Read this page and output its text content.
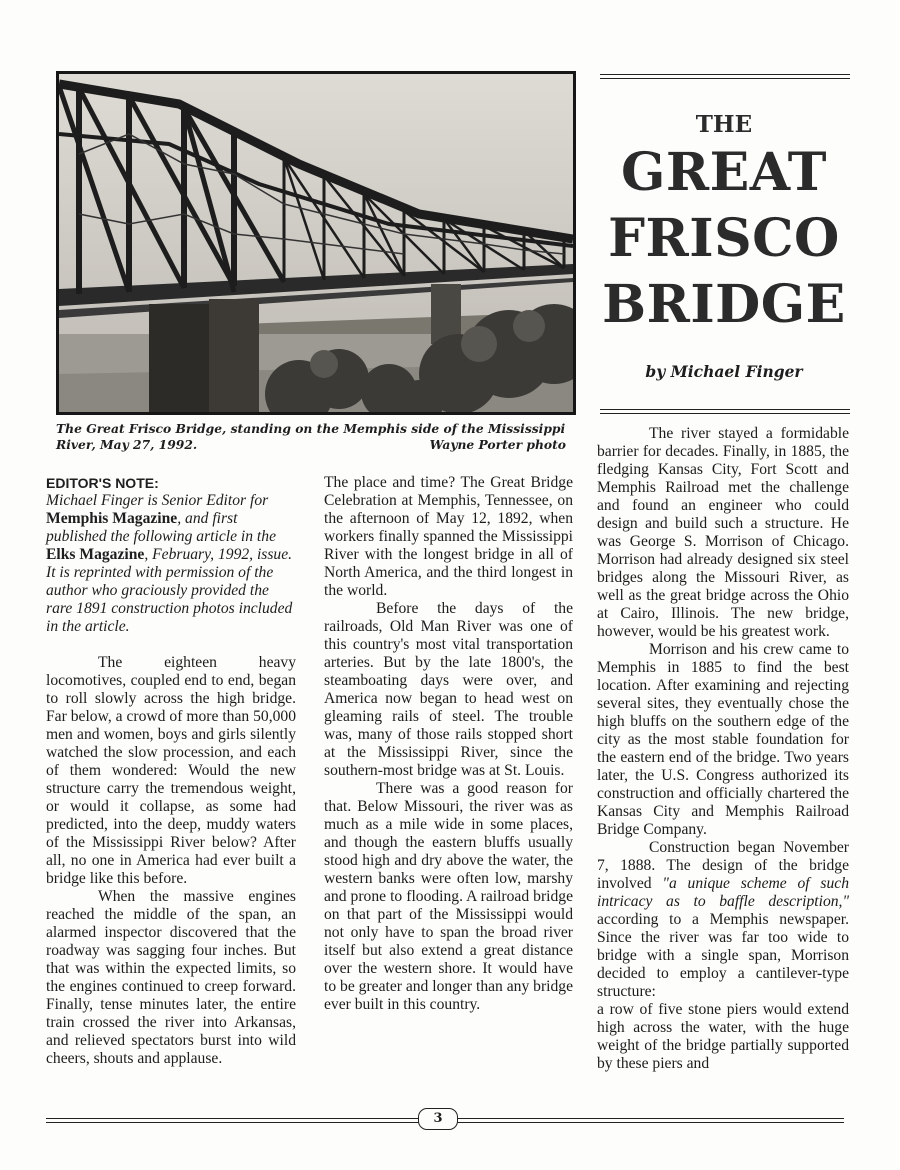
The Great Frisco Bridge, standing on the Memphis side of the Mississippi River, May 27, 1992.	Wayne Porter photo
THE
GREAT
FRISCO
BRIDGE
by Michael Finger
EDITOR'S NOTE:
Michael Finger is Senior Editor for Memphis Magazine, and first published the following article in the Elks Magazine, February, 1992, issue. It is reprinted with permission of the author who graciously provided the rare 1891 construction photos included in the article.

The eighteen heavy locomotives, coupled end to end, began to roll slowly across the high bridge. Far below, a crowd of more than 50,000 men and women, boys and girls silently watched the slow procession, and each of them wondered: Would the new structure carry the tremendous weight, or would it collapse, as some had predicted, into the deep, muddy waters of the Mississippi River below? After all, no one in America had ever built a bridge like this before.

When the massive engines reached the middle of the span, an alarmed inspector discovered that the roadway was sagging four inches. But that was within the expected limits, so the engines continued to creep forward. Finally, tense minutes later, the entire train crossed the river into Arkansas, and relieved spectators burst into wild cheers, shouts and applause.

The place and time? The Great Bridge Celebration at Memphis, Tennessee, on the afternoon of May 12, 1892, when workers finally spanned the Mississippi River with the longest bridge in all of North America, and the third longest in the world.

Before the days of the railroads, Old Man River was one of this country's most vital transportation arteries. But by the late 1800's, the steamboating days were over, and America now began to head west on gleaming rails of steel. The trouble was, many of those rails stopped short at the Mississippi River, since the southern-most bridge was at St. Louis.

There was a good reason for that. Below Missouri, the river was as much as a mile wide in some places, and though the eastern bluffs usually stood high and dry above the water, the western banks were often low, marshy and prone to flooding. A railroad bridge on that part of the Mississippi would not only have to span the broad river itself but also extend a great distance over the western shore. It would have to be greater and longer than any bridge ever built in this country.

The river stayed a formidable barrier for decades. Finally, in 1885, the fledging Kansas City, Fort Scott and Memphis Railroad met the challenge and found an engineer who could design and build such a structure. He was George S. Morrison of Chicago. Morrison had already designed six steel bridges along the Missouri River, as well as the great bridge across the Ohio at Cairo, Illinois. The new bridge, however, would be his greatest work.

Morrison and his crew came to Memphis in 1885 to find the best location. After examining and rejecting several sites, they eventually chose the high bluffs on the southern edge of the city as the most stable foundation for the eastern end of the bridge. Two years later, the U.S. Congress authorized its construction and officially chartered the Kansas City and Memphis Railroad Bridge Company.

Construction began November 7, 1888. The design of the bridge involved "a unique scheme of such intricacy as to baffle description," according to a Memphis newspaper. Since the river was far too wide to bridge with a single span, Morrison decided to employ a cantilever-type structure:

a row of five stone piers would extend high across the water, with the huge weight of the bridge partially supported by these piers and

3
